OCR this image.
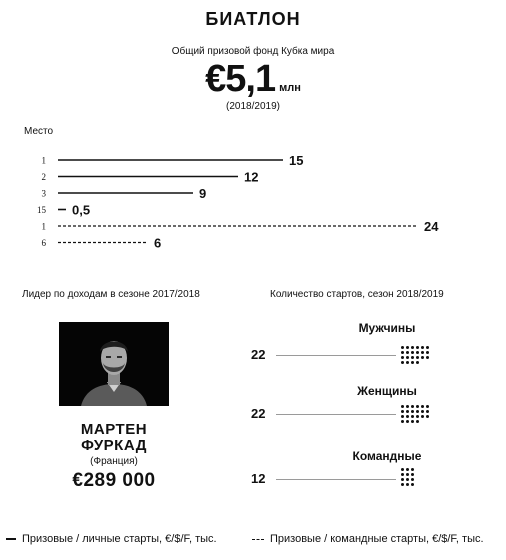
БИАТЛОН
Общий призовой фонд Кубка мира
€5,1 млн
(2018/2019)
Место
1	15
2	12
3	9
15 0,5
1	24
6	6
Лидер по доходам в сезоне 2017/2018	Количество стартов, сезон 2018/2019
МАРТЕН
ФУРКАД
(Франция)
€289 000
Мужчины
22
Женщины
22
Командные
12
Призовые / личные старты, €/$/F, тыс.	Призовые / командные старты, €/$/F, тыс.
